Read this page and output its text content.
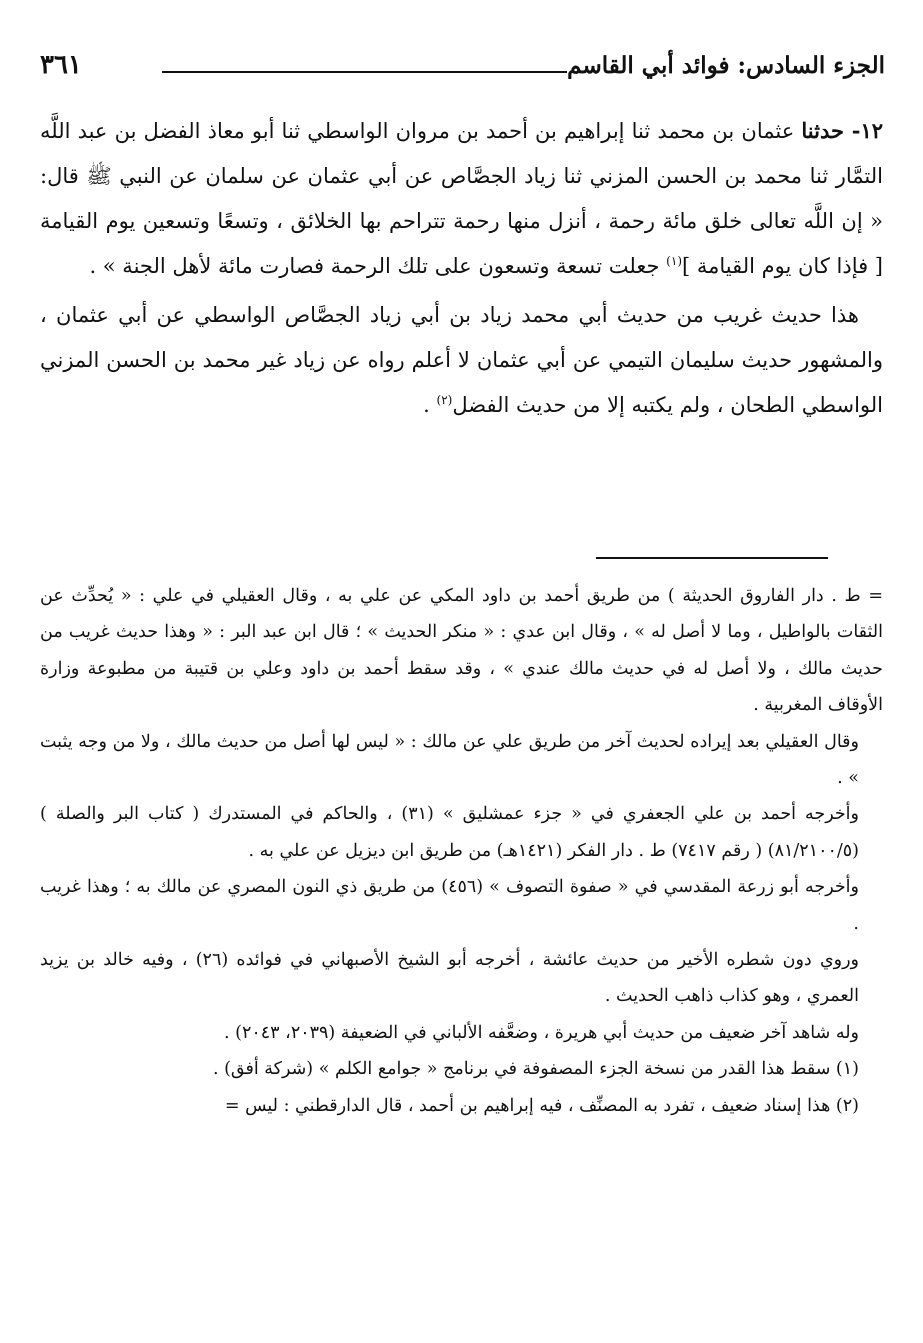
الجزء السادس: فوائد أبي القاسم
٣٦١

١٢- حدثنا عثمان بن محمد ثنا إبراهيم بن أحمد بن مروان الواسطي ثنا أبو معاذ الفضل بن عبد اللَّه التمَّار ثنا محمد بن الحسن المزني ثنا زياد الجصَّاص عن أبي عثمان عن سلمان عن النبي ﷺ قال: « إن اللَّه تعالى خلق مائة رحمة ، أنزل منها رحمة تتراحم بها الخلائق ، وتسعًا وتسعين يوم القيامة [ فإذا كان يوم القيامة ]$^{(١)}$ جعلت تسعة وتسعون على تلك الرحمة فصارت مائة لأهل الجنة » .

هذا حديث غريب من حديث أبي محمد زياد بن أبي زياد الجصَّاص الواسطي عن أبي عثمان ، والمشهور حديث سليمان التيمي عن أبي عثمان لا أعلم رواه عن زياد غير محمد بن الحسن المزني الواسطي الطحان ، ولم يكتبه إلا من حديث الفضل$^{(٢)}$ .

= ط . دار الفاروق الحديثة ) من طريق أحمد بن داود المكي عن علي به ، وقال العقيلي في علي : « يُحدِّث عن الثقات بالواطيل ، وما لا أصل له » ، وقال ابن عدي : « منكر الحديث » ؛ قال ابن عبد البر : « وهذا حديث غريب من حديث مالك ، ولا أصل له في حديث مالك عندي » ، وقد سقط أحمد بن داود وعلي بن قتيبة من مطبوعة وزارة الأوقاف المغربية .

وقال العقيلي بعد إيراده لحديث آخر من طريق علي عن مالك : « ليس لها أصل من حديث مالك ، ولا من وجه يثبت » .

وأخرجه أحمد بن علي الجعفري في « جزء عمشليق » (٣١) ، والحاكم في المستدرك ( كتاب البر والصلة ) (٨١/٢١٠٠/٥) ( رقم ٧٤١٧) ط . دار الفكر (١٤٢١هـ) من طريق ابن ديزيل عن علي به .

وأخرجه أبو زرعة المقدسي في « صفوة التصوف » (٤٥٦) من طريق ذي النون المصري عن مالك به ؛ وهذا غريب .

وروي دون شطره الأخير من حديث عائشة ، أخرجه أبو الشيخ الأصبهاني في فوائده (٢٦) ، وفيه خالد بن يزيد العمري ، وهو كذاب ذاهب الحديث .

وله شاهد آخر ضعيف من حديث أبي هريرة ، وضعَّفه الألباني في الضعيفة (٢٠٣٩، ٢٠٤٣) .

(١) سقط هذا القدر من نسخة الجزء المصفوفة في برنامج « جوامع الكلم » (شركة أفق) .

(٢) هذا إسناد ضعيف ، تفرد به المصنِّف ، فيه إبراهيم بن أحمد ، قال الدارقطني : ليس =
